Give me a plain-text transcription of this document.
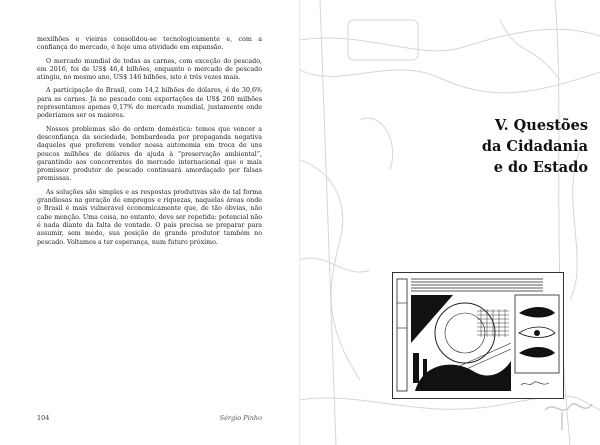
mexilhões e vieiras consolidou-se tecnologicamente e, com a confiança do mercado, é hoje uma atividade em expansão.

O mercado mundial de todas as carnes, com exceção do pescado, em 2016, foi de US$ 46,4 bilhões, enquanto o mercado de pescado atingiu, no mesmo ano, US$ 146 bilhões, isto é três vezes mais.

A participação do Brasil, com 14,2 bilhões de dólares, é de 30,6% para as carnes. Já no pescado com exportações de US$ 260 milhões representamos apenas 0,17% do mercado mundial, justamente onde poderíamos ser os maiores.

Nossos problemas são de ordem doméstica: temos que vencer a desconfiança da sociedade, bombardeada por propaganda negativa daqueles que preferem vender nossa autonomia em troca de uns poucos milhões de dólares de ajuda à “preservação ambiental”, garantindo aos concorrentes do mercado internacional que o mais promissor produtor de pescado continuará amordaçado por falsas premissas.

As soluções são simples e as respostas produtivas são de tal forma grandiosas na geração de empregos e riquezas, naquelas áreas onde o Brasil é mais vulnerável economicamente que, de tão óbvias, não cabe menção. Uma coisa, no entanto, deve ser repetida: potencial não é nada diante da falta de vontade. O país precisa se preparar para assumir, sem medo, sua posição de grande produtor também no pescado. Voltamos a ter esperança, num futuro próximo.

104	Sérgio Pinho
V. Questões
da Cidadania
e do Estado
